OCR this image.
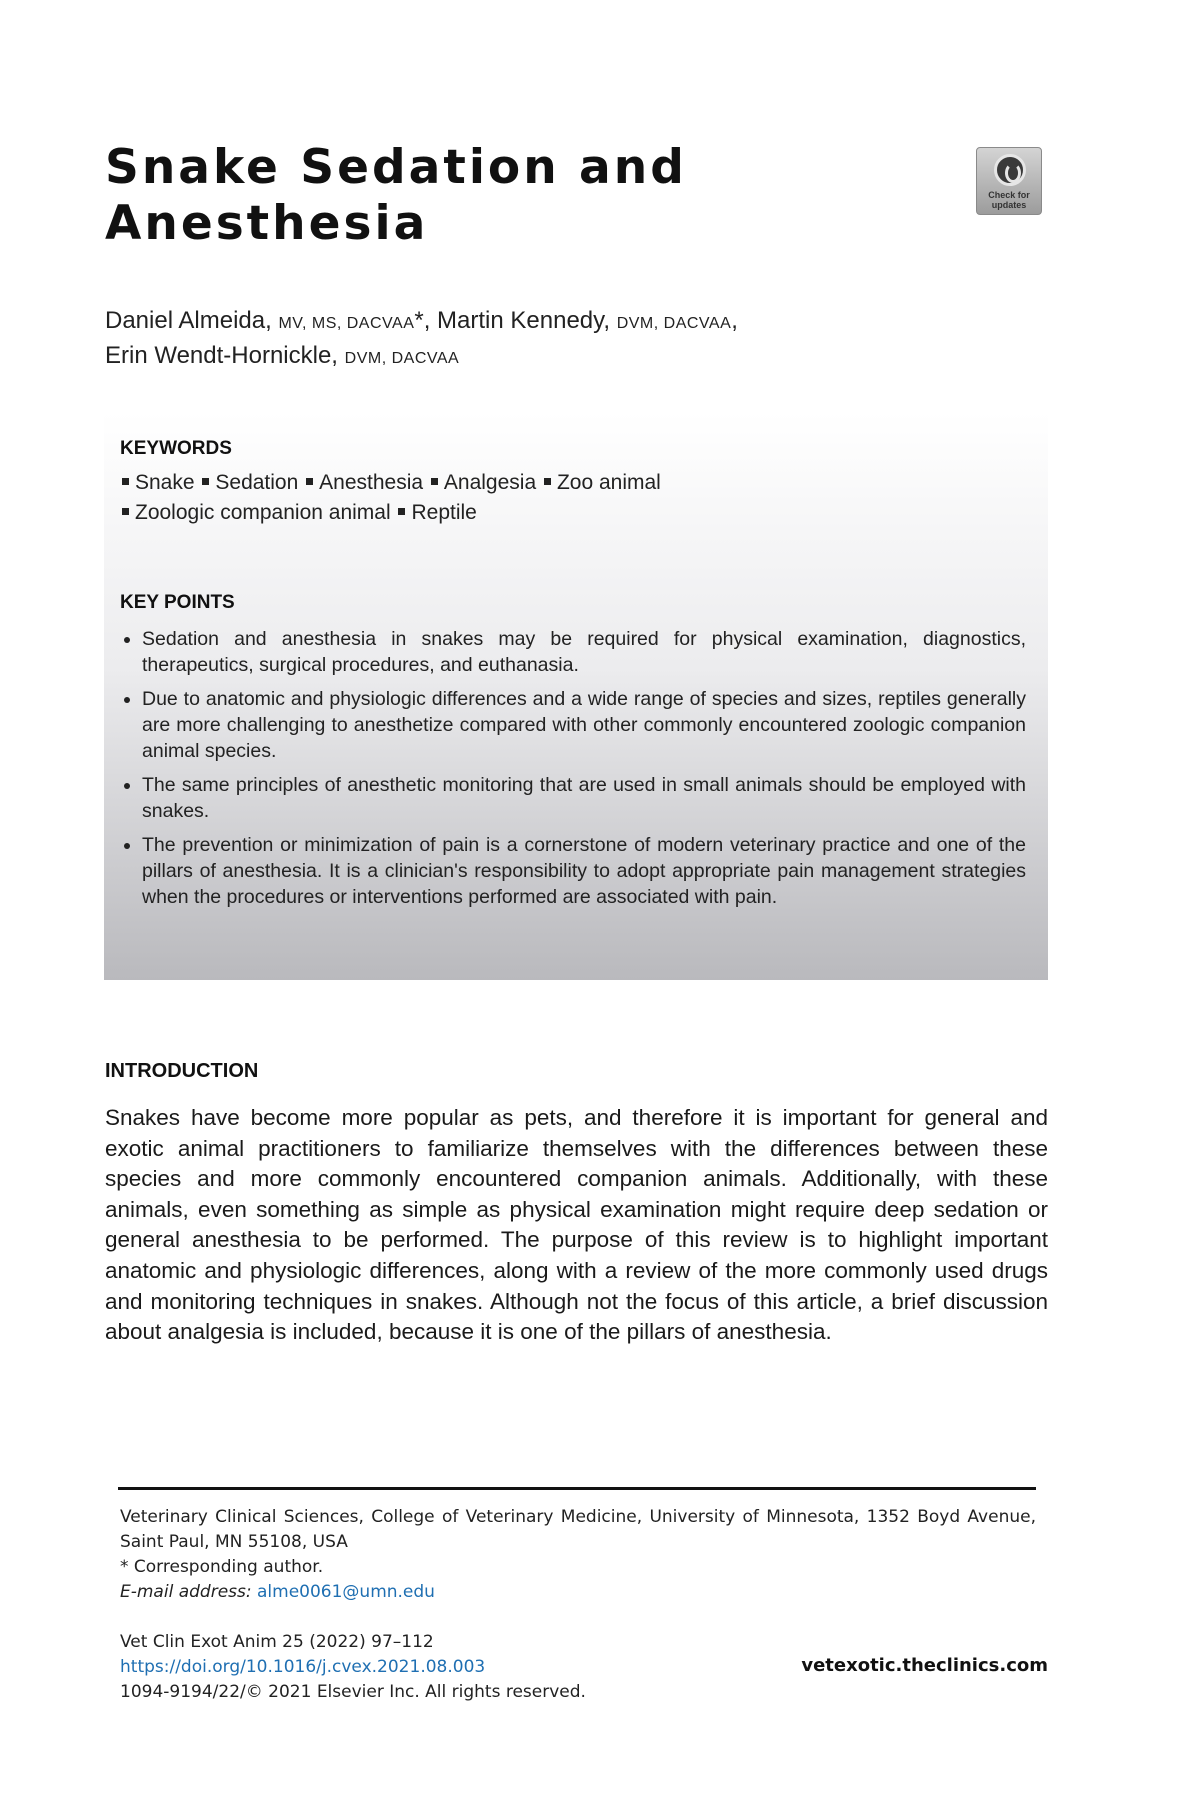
Snake Sedation and
Anesthesia
Check for updates
Daniel Almeida, MV, MS, DACVAA*, Martin Kennedy, DVM, DACVAA,
Erin Wendt-Hornickle, DVM, DACVAA
KEYWORDS
Snake Sedation Anesthesia Analgesia Zoo animal
Zoologic companion animal Reptile
KEY POINTS
Sedation and anesthesia in snakes may be required for physical examination, diagnostics, therapeutics, surgical procedures, and euthanasia.
Due to anatomic and physiologic differences and a wide range of species and sizes, reptiles generally are more challenging to anesthetize compared with other commonly encountered zoologic companion animal species.
The same principles of anesthetic monitoring that are used in small animals should be employed with snakes.
The prevention or minimization of pain is a cornerstone of modern veterinary practice and one of the pillars of anesthesia. It is a clinician's responsibility to adopt appropriate pain management strategies when the procedures or interventions performed are associated with pain.
INTRODUCTION

Snakes have become more popular as pets, and therefore it is important for general and exotic animal practitioners to familiarize themselves with the differences between these species and more commonly encountered companion animals. Additionally, with these animals, even something as simple as physical examination might require deep sedation or general anesthesia to be performed. The purpose of this review is to highlight important anatomic and physiologic differences, along with a review of the more commonly used drugs and monitoring techniques in snakes. Although not the focus of this article, a brief discussion about analgesia is included, because it is one of the pillars of anesthesia.

Veterinary Clinical Sciences, College of Veterinary Medicine, University of Minnesota, 1352 Boyd Avenue, Saint Paul, MN 55108, USA
* Corresponding author.
E-mail address: alme0061@umn.edu
Vet Clin Exot Anim 25 (2022) 97–112
https://doi.org/10.1016/j.cvex.2021.08.003
1094-9194/22/© 2021 Elsevier Inc. All rights reserved.
vetexotic.theclinics.com
